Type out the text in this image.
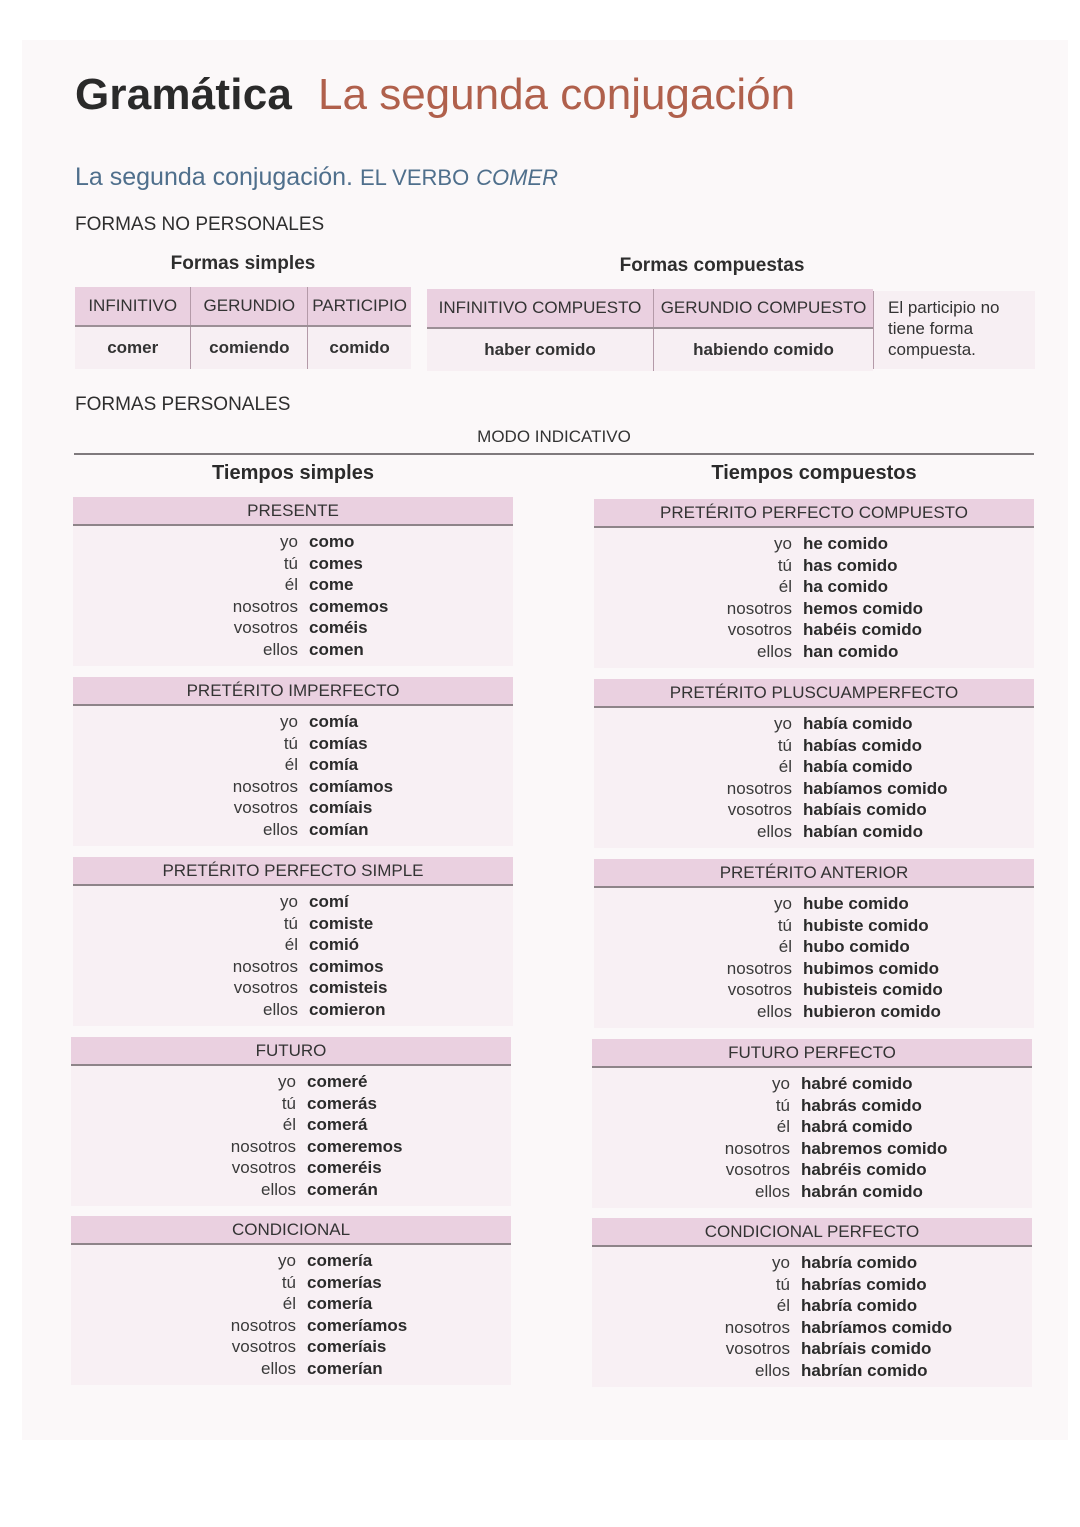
Gramática La segunda conjugación
La segunda conjugación. EL VERBO COMER
FORMAS NO PERSONALES
Formas simples	Formas compuestas
INFINITIVO	GERUNDIO	PARTICIPIO
comer	comiendo	comido
INFINITIVO COMPUESTO	GERUNDIO COMPUESTO
haber comido	habiendo comido
El participio no tiene forma compuesta.
FORMAS PERSONALES
MODO INDICATIVO
Tiempos simples	Tiempos compuestos
PRESENTE
yo como
tú comes
él come
nosotros comemos
vosotros coméis
ellos comen
PRETÉRITO PERFECTO COMPUESTO
yo he comido
tú has comido
él ha comido
nosotros hemos comido
vosotros habéis comido
ellos han comido
PRETÉRITO IMPERFECTO
yo comía
tú comías
él comía
nosotros comíamos
vosotros comíais
ellos comían
PRETÉRITO PLUSCUAMPERFECTO
yo había comido
tú habías comido
él había comido
nosotros habíamos comido
vosotros habíais comido
ellos habían comido
PRETÉRITO PERFECTO SIMPLE
yo comí
tú comiste
él comió
nosotros comimos
vosotros comisteis
ellos comieron
PRETÉRITO ANTERIOR
yo hube comido
tú hubiste comido
él hubo comido
nosotros hubimos comido
vosotros hubisteis comido
ellos hubieron comido
FUTURO
yo comeré
tú comerás
él comerá
nosotros comeremos
vosotros comeréis
ellos comerán
FUTURO PERFECTO
yo habré comido
tú habrás comido
él habrá comido
nosotros habremos comido
vosotros habréis comido
ellos habrán comido
CONDICIONAL
yo comería
tú comerías
él comería
nosotros comeríamos
vosotros comeríais
ellos comerían
CONDICIONAL PERFECTO
yo habría comido
tú habrías comido
él habría comido
nosotros habríamos comido
vosotros habríais comido
ellos habrían comido
